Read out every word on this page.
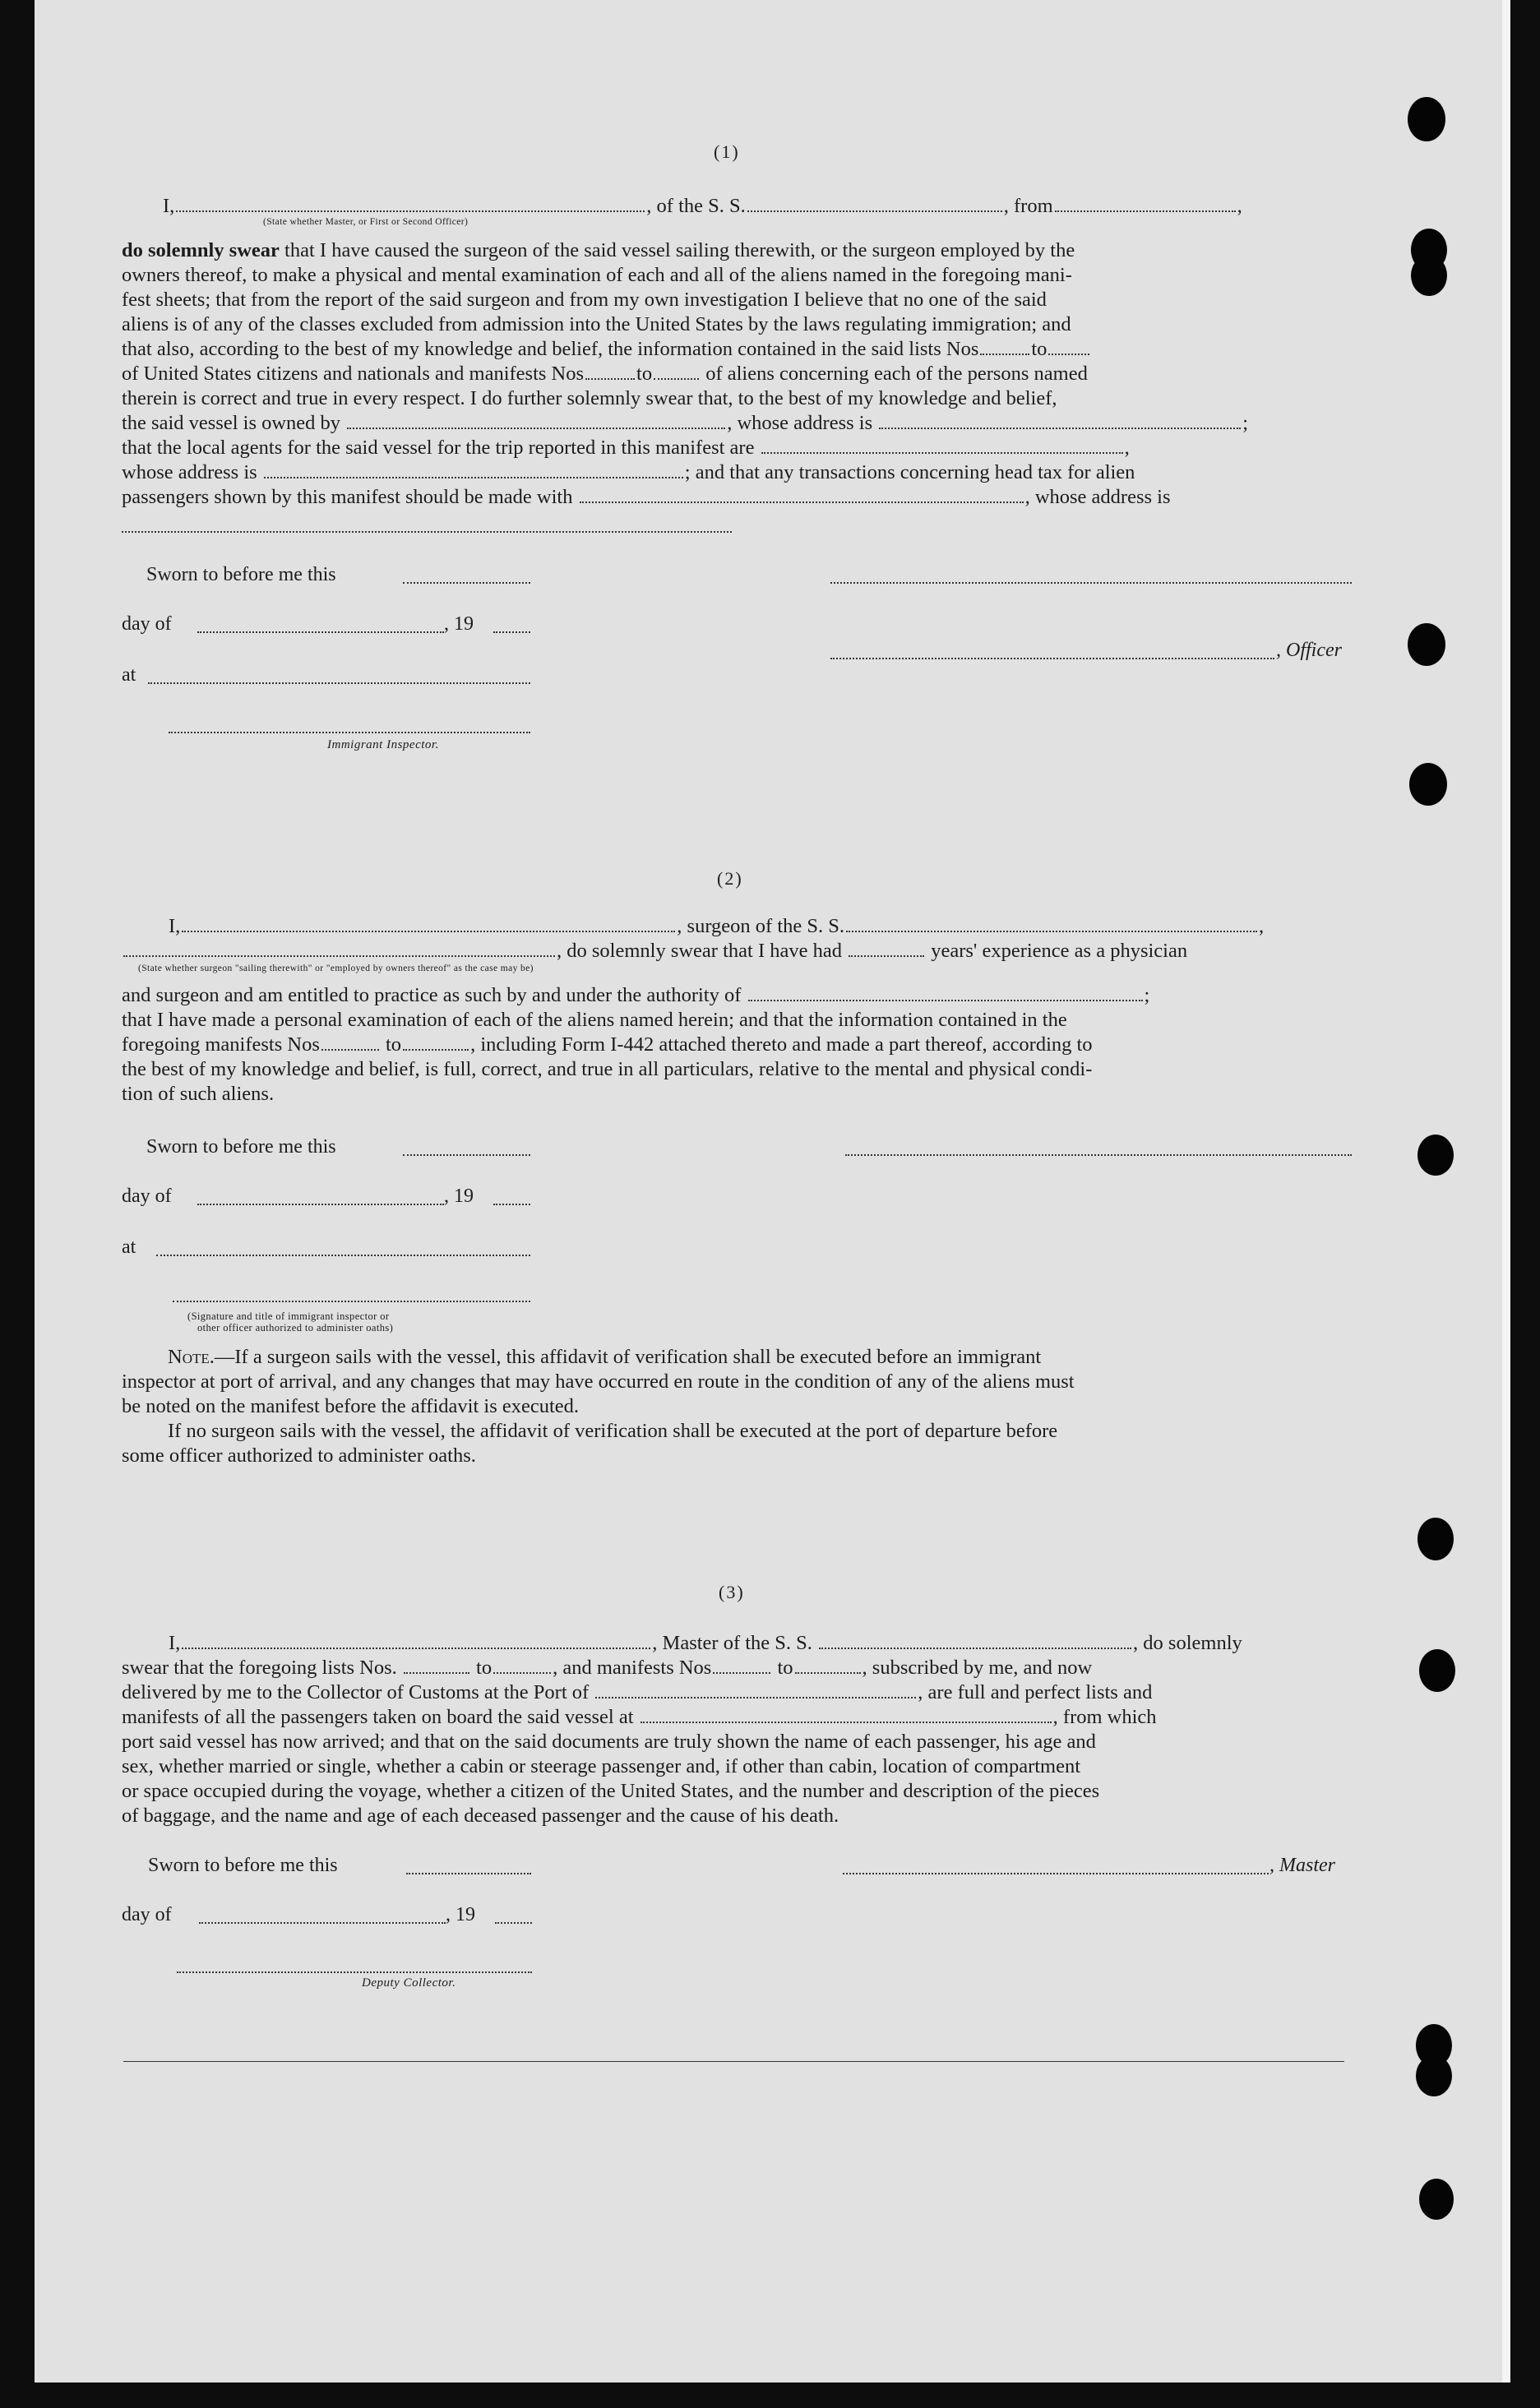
(1)
I,	, of the S. S.	, from	,
(State whether Master, or First or Second Officer)
do solemnly swear that I have caused the surgeon of the said vessel sailing therewith, or the surgeon employed by the
owners thereof, to make a physical and mental examination of each and all of the aliens named in the foregoing mani-
fest sheets; that from the report of the said surgeon and from my own investigation I believe that no one of the said
aliens is of any of the classes excluded from admission into the United States by the laws regulating immigration; and
that also, according to the best of my knowledge and belief, the information contained in the said lists Nos	to
of United States citizens and nationals and manifests Nos	to	of aliens concerning each of the persons named
therein is correct and true in every respect. I do further solemnly swear that, to the best of my knowledge and belief,
the said vessel is owned by	, whose address is	;
that the local agents for the said vessel for the trip reported in this manifest are	,
whose address is	; and that any transactions concerning head tax for alien
passengers shown by this manifest should be made with	, whose address is
Sworn to before me this
day of	, 19
, Officer
at
Immigrant Inspector.
(2)
I,	, surgeon of the S. S.	,
, do solemnly swear that I have had	years' experience as a physician
(State whether surgeon "sailing therewith" or "employed by owners thereof" as the case may be)
and surgeon and am entitled to practice as such by and under the authority of	;
that I have made a personal examination of each of the aliens named herein; and that the information contained in the
foregoing manifests Nos	to	, including Form I-442 attached thereto and made a part thereof, according to
the best of my knowledge and belief, is full, correct, and true in all particulars, relative to the mental and physical condi-
tion of such aliens.
Sworn to before me this
day of	, 19
at
(Signature and title of immigrant inspector or
other officer authorized to administer oaths)
Note.—If a surgeon sails with the vessel, this affidavit of verification shall be executed before an immigrant
inspector at port of arrival, and any changes that may have occurred en route in the condition of any of the aliens must
be noted on the manifest before the affidavit is executed.
If no surgeon sails with the vessel, the affidavit of verification shall be executed at the port of departure before
some officer authorized to administer oaths.
(3)
I,	, Master of the S. S.	, do solemnly
swear that the foregoing lists Nos.	to	, and manifests Nos	to	, subscribed by me, and now
delivered by me to the Collector of Customs at the Port of	, are full and perfect lists and
manifests of all the passengers taken on board the said vessel at	, from which
port said vessel has now arrived; and that on the said documents are truly shown the name of each passenger, his age and
sex, whether married or single, whether a cabin or steerage passenger and, if other than cabin, location of compartment
or space occupied during the voyage, whether a citizen of the United States, and the number and description of the pieces
of baggage, and the name and age of each deceased passenger and the cause of his death.
Sworn to before me this	, Master
day of	, 19
Deputy Collector.
